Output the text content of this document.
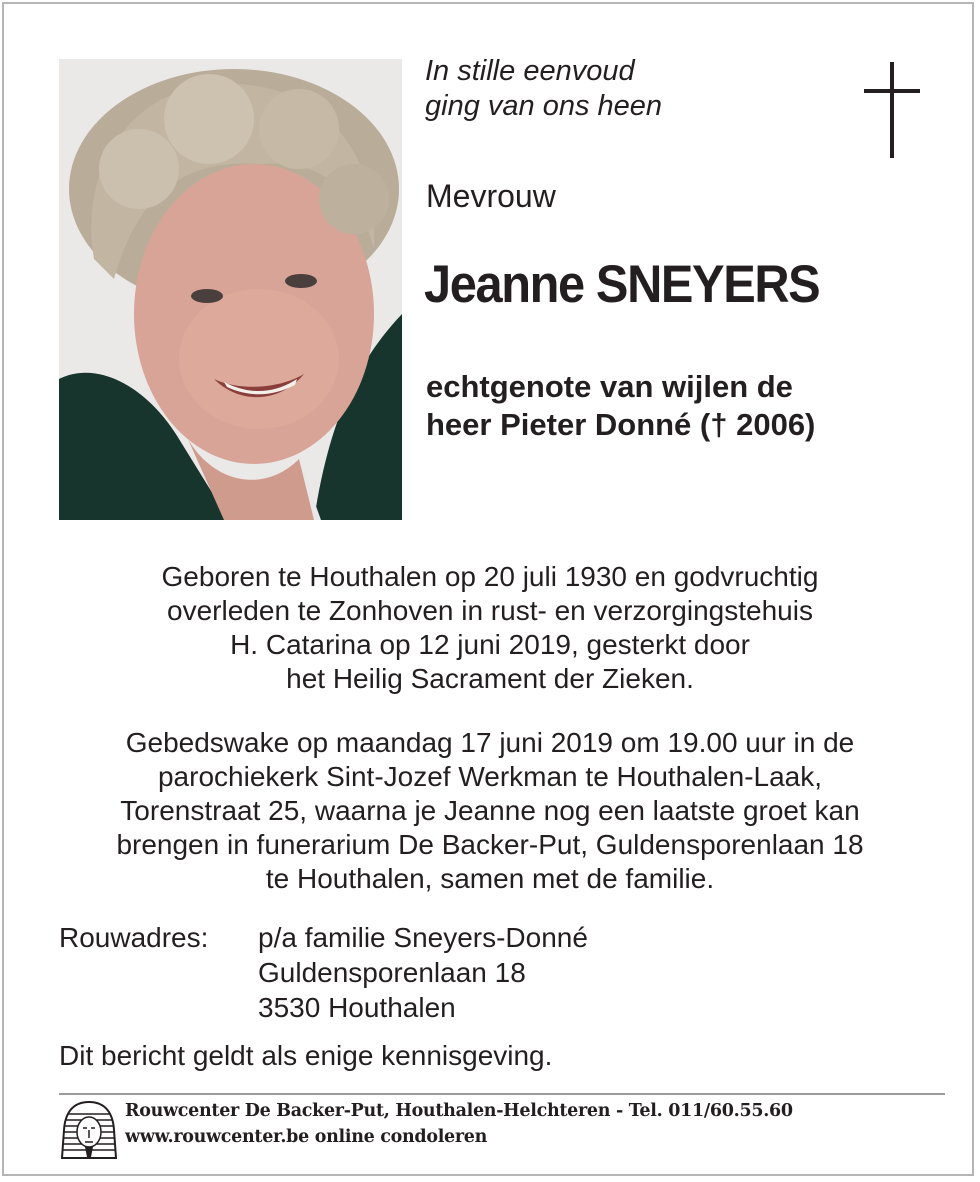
In stille eenvoud
ging van ons heen
Mevrouw
Jeanne SNEYERS
echtgenote van wijlen de
heer Pieter Donné († 2006)

Geboren te Houthalen op 20 juli 1930 en godvruchtig
overleden te Zonhoven in rust- en verzorgingstehuis
H. Catarina op 12 juni 2019, gesterkt door
het Heilig Sacrament der Zieken.

Gebedswake op maandag 17 juni 2019 om 19.00 uur in de
parochiekerk Sint-Jozef Werkman te Houthalen-Laak,
Torenstraat 25, waarna je Jeanne nog een laatste groet kan
brengen in funerarium De Backer-Put, Guldensporenlaan 18
te Houthalen, samen met de familie.

Rouwadres:	p/a familie Sneyers-Donné
Guldensporenlaan 18
3530 Houthalen
Dit bericht geldt als enige kennisgeving.
Rouwcenter De Backer-Put, Houthalen-Helchteren - Tel. 011/60.55.60
www.rouwcenter.be online condoleren
